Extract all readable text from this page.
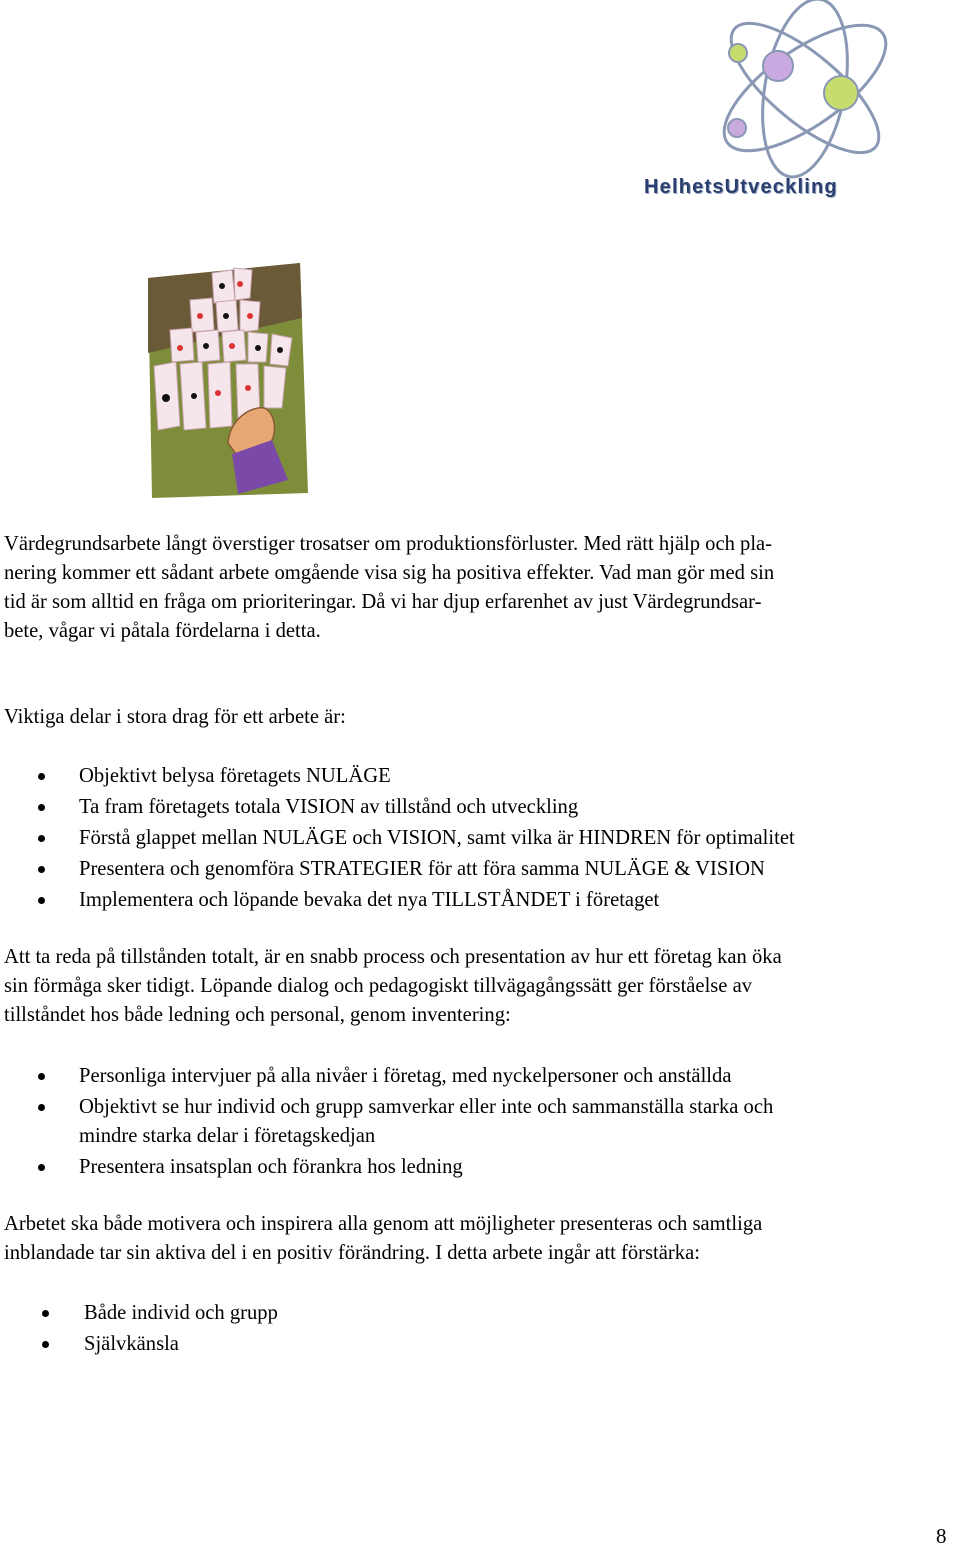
HelhetsUtveckling

Värdegrundsarbete långt överstiger trosatser om produktionsförluster. Med rätt hjälp och pla-
nering kommer ett sådant arbete omgående visa sig ha positiva effekter. Vad man gör med sin
tid är som alltid en fråga om prioriteringar. Då vi har djup erfarenhet av just Värdegrundsar-
bete, vågar vi påtala fördelarna i detta.

Viktiga delar i stora drag för ett arbete är:

Objektivt belysa företagets NULÄGE
Ta fram företagets totala VISION av tillstånd och utveckling
Förstå glappet mellan NULÄGE och VISION, samt vilka är HINDREN för optimalitet
Presentera och genomföra STRATEGIER för att föra samma NULÄGE & VISION
Implementera och löpande bevaka det nya TILLSTÅNDET i företaget

Att ta reda på tillstånden totalt, är en snabb process och presentation av hur ett företag kan öka
sin förmåga sker tidigt. Löpande dialog och pedagogiskt tillvägagångssätt ger förståelse av
tillståndet hos både ledning och personal, genom inventering:

Personliga intervjuer på alla nivåer i företag, med nyckelpersoner och anställda
Objektivt se hur individ och grupp samverkar eller inte och sammanställa starka och
mindre starka delar i företagskedjan
Presentera insatsplan och förankra hos ledning

Arbetet ska både motivera och inspirera alla genom att möjligheter presenteras och samtliga
inblandade tar sin aktiva del i en positiv förändring. I detta arbete ingår att förstärka:

Både individ och grupp
Självkänsla
8
